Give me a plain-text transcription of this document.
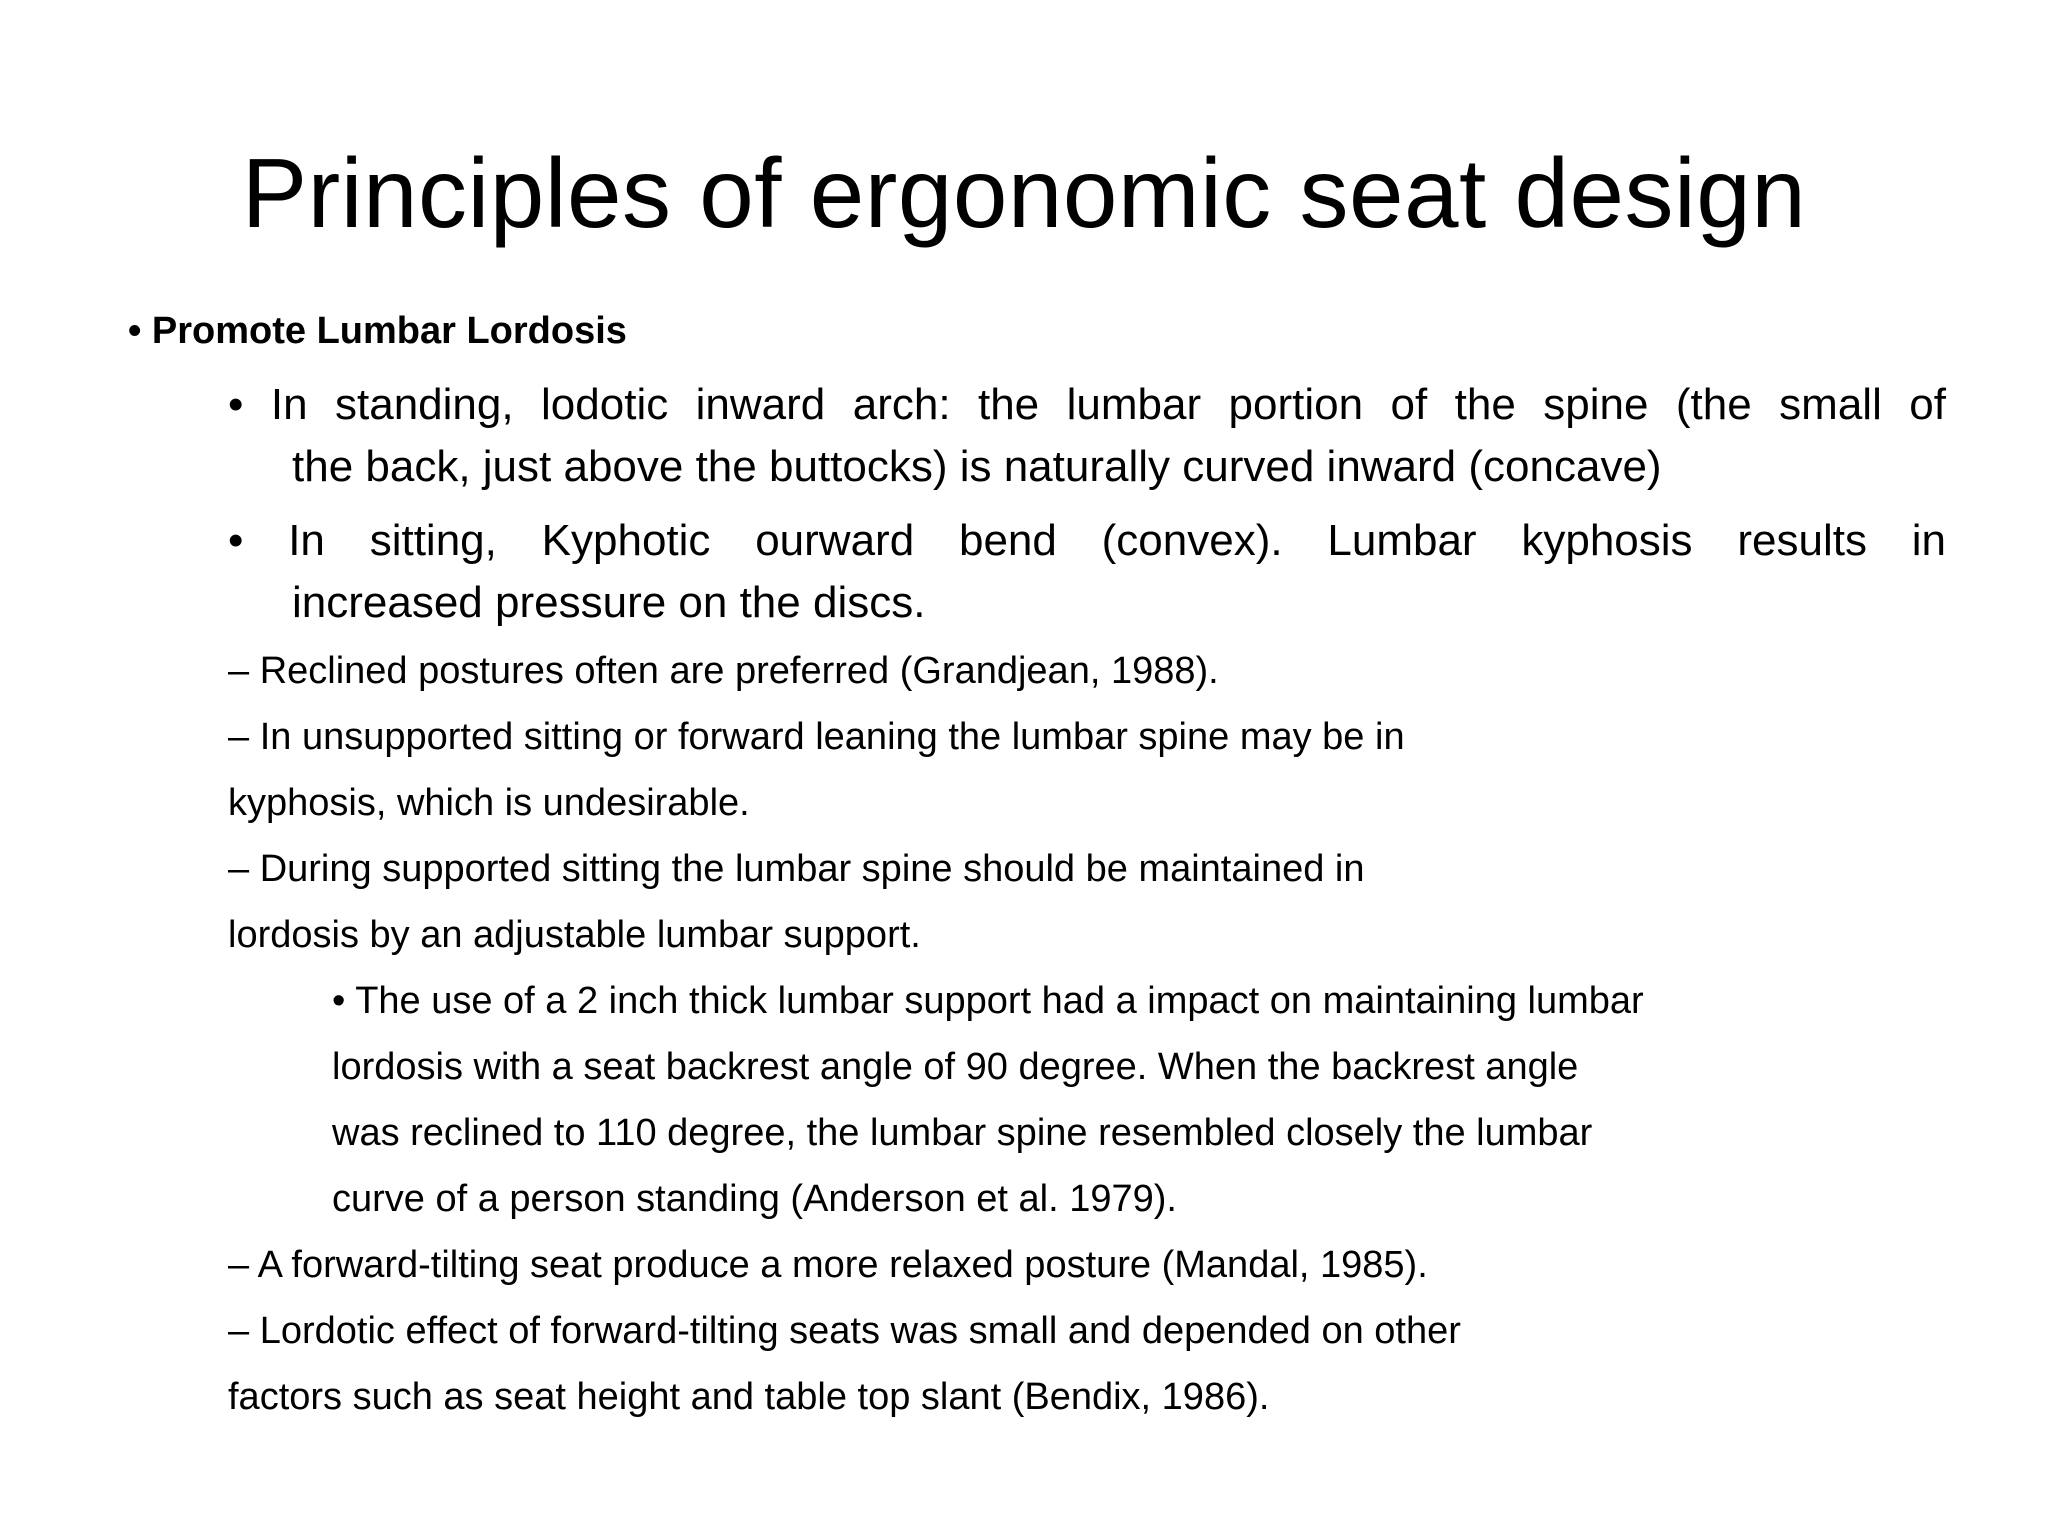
Principles of ergonomic seat design
• Promote Lumbar Lordosis
• In standing, lodotic inward arch: the lumbar portion of the spine (the small of
the back, just above the buttocks) is naturally curved inward (concave)
• In sitting, Kyphotic ourward bend (convex). Lumbar kyphosis results in
increased pressure on the discs.
– Reclined postures often are preferred (Grandjean, 1988).
– In unsupported sitting or forward leaning the lumbar spine may be in
kyphosis, which is undesirable.
– During supported sitting the lumbar spine should be maintained in
lordosis by an adjustable lumbar support.
• The use of a 2 inch thick lumbar support had a impact on maintaining lumbar
lordosis with a seat backrest angle of 90 degree. When the backrest angle
was reclined to 110 degree, the lumbar spine resembled closely the lumbar
curve of a person standing (Anderson et al. 1979).
– A forward-tilting seat produce a more relaxed posture (Mandal, 1985).
– Lordotic effect of forward-tilting seats was small and depended on other
factors such as seat height and table top slant (Bendix, 1986).
